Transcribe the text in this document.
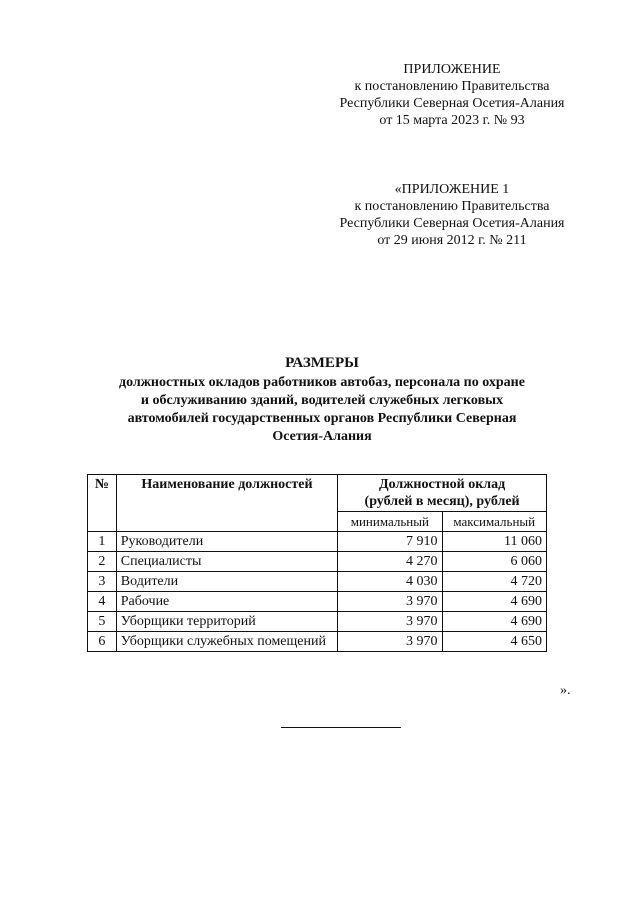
ПРИЛОЖЕНИЕ
к постановлению Правительства
Республики Северная Осетия-Алания
от 15 марта 2023 г. № 93
«ПРИЛОЖЕНИЕ 1
к постановлению Правительства
Республики Северная Осетия-Алания
от 29 июня 2012 г. № 211
РАЗМЕРЫ
должностных окладов работников автобаз, персонала по охране
и обслуживанию зданий, водителей служебных легковых
автомобилей государственных органов Республики Северная
Осетия-Алания
№	Наименование должностей	Должностной оклад
(рублей в месяц), рублей	

		минимальный	максимальный
1	Руководители	7 910	11 060
2	Специалисты	4 270	6 060
3	Водители	4 030	4 720
4	Рабочие	3 970	4 690
5	Уборщики территорий	3 970	4 690
6	Уборщики служебных помещений	3 970	4 650
».
